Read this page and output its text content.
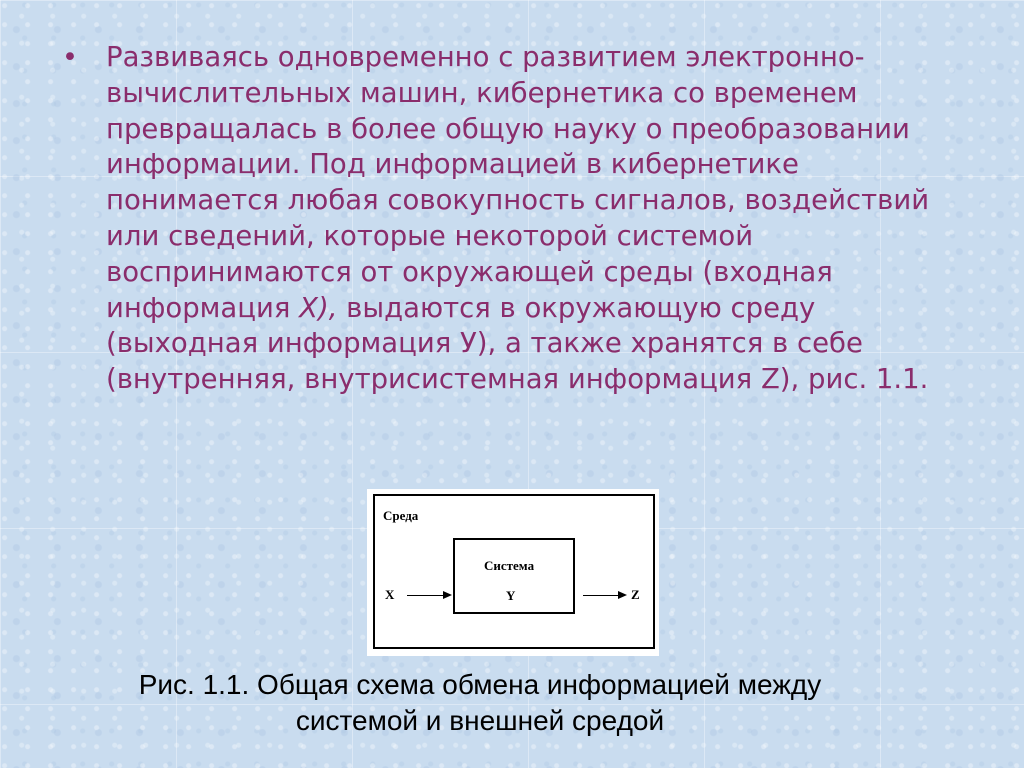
• Развиваясь одновременно с развитием электронно-вычислительных машин, кибернетика со временем превращалась в более общую науку о преобразовании информации. Под информацией в кибернетике понимается любая совокупность сигналов, воздействий или сведений, которые некоторой системой воспринимаются от окружающей среды (входная информация X), выдаются в окружающую среду (выходная информация У), а также хранятся в себе (внутренняя, внутрисистемная информация Z), рис. 1.1.
Среда
Система
Y
X	Z
Рис. 1.1. Общая схема обмена информацией между
системой и внешней средой
